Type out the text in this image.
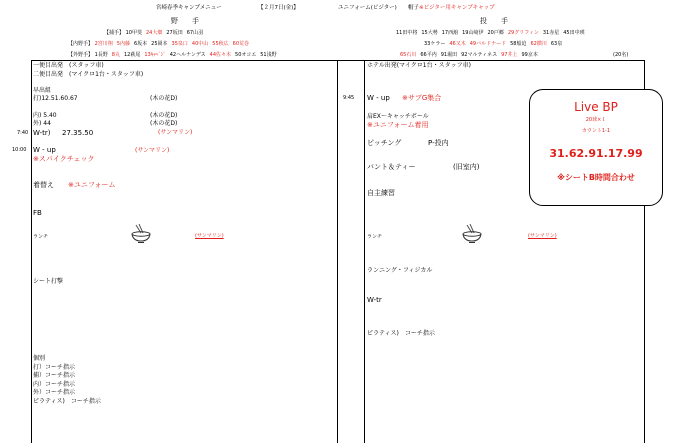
宮崎春季キャンプメニュー	【２月7日(金)】	ユニフォーム(ビジター) 帽子※ビジター用キャンプキャップ
野　　手	投　　手
【捕手】 10甲斐 24大畑 27坂田 67山羽
【内野手】 2宮川翔 5内藤 6坂本 25岡本 35泉口 40中山 55秋広 60荒巻
【外野手】 1長野 8丸 12萩尾 13ｷｬﾍﾞｼﾞ 42ヘルナンデス 44佐々木 50オコエ 51浅野
11田中将 15大勢 17西舘 19山﨑伊 20戸郷 29グリフィン 31赤星 45田中瑛
33ケラー 46又木 49バルドナード 58船迫 62横川 63泉
65石川 66平内 91堀田 92マルティネス 97井上 99京本	(20名)
一便目出発　(スタッフ車)
二便目出発　(マイクロ1台・スタッフ車)
早出組
打)12.51.60.67	(木の花D)
内) 5.40	(木の花D)
外) 44	(木の花D)
7:40 W-tr) 27.35.50	(サンマリン)
10:00 W - up	(サンマリン)
※スパイクチェック
着替え ※ユニフォーム
FB
ランチ	(サンマリン)
シート打撃
個別
打）コーチ指示
捕）コーチ指示
内）コーチ指示
外）コーチ指示
ピラティス)　コーチ指示
ホテル出発(マイクロ1台・スタッフ車)
9:45 W - up ※サブG集合
肩EX～キャッチボール
※ユニフォーム着用
ピッチング	P-投内
バント＆ティー	(旧室内)
自主練習
ランチ	(サンマリン)
ランニング・フィジカル
W-tr
ピラティス)　コーチ指示
Live BP
20球×１
カウント1-1
31.62.91.17.99
※シートB時間合わせ
